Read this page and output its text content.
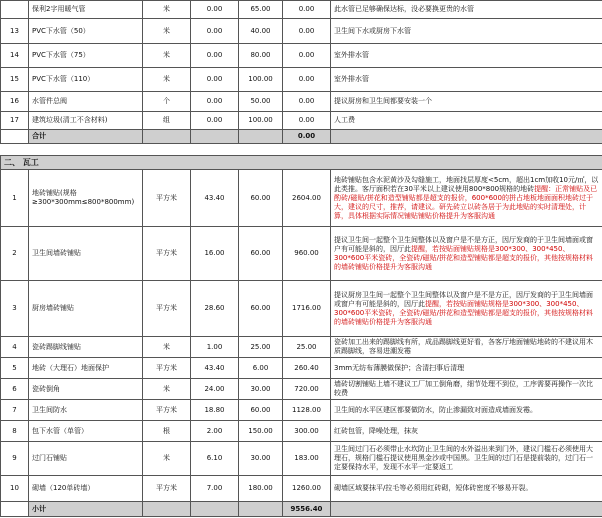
	保利2字用暖气管	米	0.00	65.00	0.00	此水管已足够确保达标，没必要换更贵的水管
13	PVC下水管（50）	米	0.00	40.00	0.00	卫生间下水或厨房下水管
14	PVC下水管（75）	米	0.00	80.00	0.00	室外排水管
15	PVC下水管（110）	米	0.00	100.00	0.00	室外排水管
16	水管件总阀	个	0.00	50.00	0.00	提议厨房和卫生间都要安装一个
17	建筑垃圾(清工不含材料)	组	0.00	100.00	0.00	人工费
	合计				0.00	

二、 瓦工						
1	地砖铺贴(规格≥300*300mm≤800*800mm)	平方米	43.40	60.00	2604.00	地砖铺贴包含水泥黄沙及勾缝施工，地面找层厚度<5cm，超出1cm加收10元/㎡，以此类推。客厅面积若在30平米以上建议使用800*800规格的地砖提醒：正常铺贴及已酌砖/磁贴/拼花和造型铺贴都是超支的报价，600*600的拼占地板地面面积地砖过于大，建议的尺寸，推荐，请建议。研先砖立以砖各居于为此地贴的实时清理处，计算，具体根据实际情况铺贴铺贴价格提升为客服沟通
2	卫生间墙砖铺贴	平方米	16.00	60.00	960.00	提议卫生间一起整个卫生间整体以及窗户是不是方正，因厅发商的于卫生间墙面或窗户有可能是斜的，因厅此提醒，若按贴面铺贴规格是300*300、300*450、300*600平米瓷砖，全瓷砖/磁贴/拼花和造型铺贴都是超支的报价，其他按规格材料的墙砖铺贴价格提升为客服沟通
3	厨房墙砖铺贴	平方米	28.60	60.00	1716.00	提议厨房卫生间一起整个卫生间整体以及窗户是不是方正，因厅发商的于卫生间墙面或窗户有可能是斜的，因厅此提醒，若按贴面铺贴规格是300*300、300*450、300*600平米瓷砖，全瓷砖/磁贴/拼花和造型铺贴都是超支的报价，其他按规格材料的墙砖铺贴价格提升为客服沟通
4	瓷砖踢脚线铺贴	米	1.00	25.00	25.00	瓷砖加工出来的踢脚线有所，成品踢脚线更好看，各客厅地面铺贴地砖的不建议用木质踢脚线，容易进潮发霉
5	地砖（大理石）地面保护	平方米	43.40	6.00	260.40	3mm无纺布薄膜做保护；含清扫事后清理
6	瓷砖倒角	米	24.00	30.00	720.00	墙砖切割铺贴上墙不建议工厂加工倒角磨，细节处理不到位，工序需要再操作一次比较费
7	卫生间防水	平方米	18.80	60.00	1128.00	卫生间的水平区建区都要做防水，防止渗漏致对面造成墙面发霉。
8	包下水管（单管）	根	2.00	150.00	300.00	红砖包管，降噪处理，抹灰
9	过门石铺贴	米	6.10	30.00	183.00	卫生间过门石必须带止水坎防止卫生间的水外溢出来到门外，建议门槛石必须使用大理石，规格门槛石提议使用黑金沙或中国黑。卫生间的过门石是提前装的，过门石一定要保持水平，发现不水平一定要返工
10	砌墙（120单砖墙）	平方米	7.00	180.00	1260.00	砌墙区域要抹平/拉毛等必须用红砖砌，短体砖密度不够易开裂。
	小计				9556.40	
